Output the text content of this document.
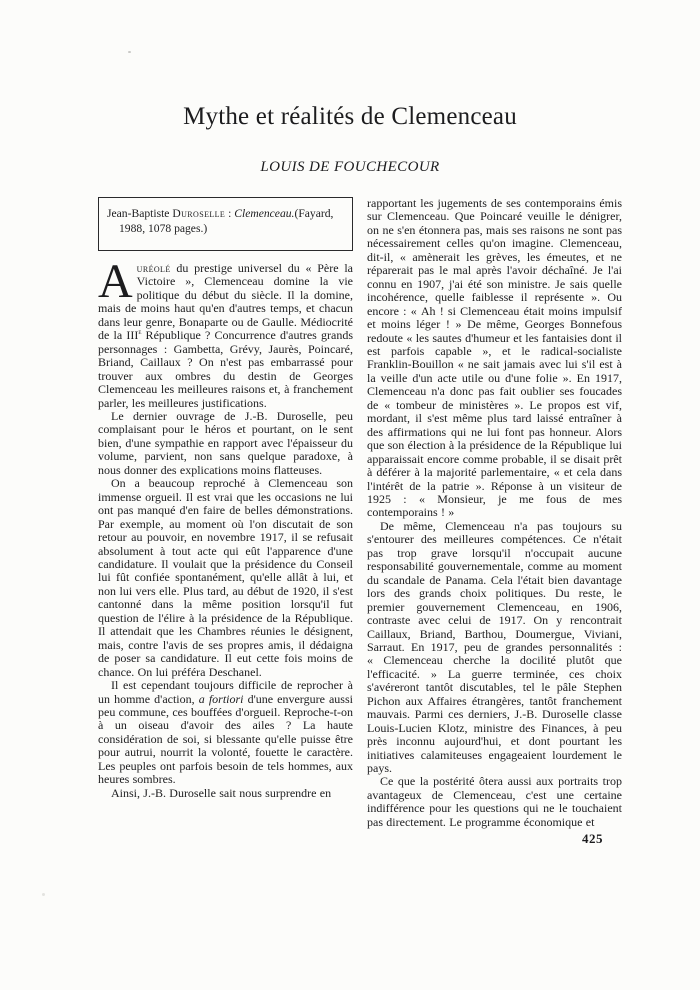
Mythe et réalités de Clemenceau
LOUIS DE FOUCHECOUR
Jean-Baptiste Duroselle : Clemenceau.(Fayard, 1988, 1078 pages.)

Auréolé du prestige universel du « Père la Victoire », Clemenceau domine la vie politique du début du siècle. Il la domine, mais de moins haut qu'en d'autres temps, et chacun dans leur genre, Bonaparte ou de Gaulle. Médiocrité de la IIIe République ? Concurrence d'autres grands personnages : Gambetta, Grévy, Jaurès, Poincaré, Briand, Caillaux ? On n'est pas embarrassé pour trouver aux ombres du destin de Georges Clemenceau les meilleures raisons et, à franchement parler, les meilleures justifications.

Le dernier ouvrage de J.-B. Duroselle, peu complaisant pour le héros et pourtant, on le sent bien, d'une sympathie en rapport avec l'épaisseur du volume, parvient, non sans quelque paradoxe, à nous donner des explications moins flatteuses.

On a beaucoup reproché à Clemenceau son immense orgueil. Il est vrai que les occasions ne lui ont pas manqué d'en faire de belles démonstrations. Par exemple, au moment où l'on discutait de son retour au pouvoir, en novembre 1917, il se refusait absolument à tout acte qui eût l'apparence d'une candidature. Il voulait que la présidence du Conseil lui fût confiée spontanément, qu'elle allât à lui, et non lui vers elle. Plus tard, au début de 1920, il s'est cantonné dans la même position lorsqu'il fut question de l'élire à la présidence de la République. Il attendait que les Chambres réunies le désignent, mais, contre l'avis de ses propres amis, il dédaigna de poser sa candidature. Il eut cette fois moins de chance. On lui préféra Deschanel.

Il est cependant toujours difficile de reprocher à un homme d'action, a fortiori d'une envergure aussi peu commune, ces bouffées d'orgueil. Reproche-t-on à un oiseau d'avoir des ailes ? La haute considération de soi, si blessante qu'elle puisse être pour autrui, nourrit la volonté, fouette le caractère. Les peuples ont parfois besoin de tels hommes, aux heures sombres.

Ainsi, J.-B. Duroselle sait nous surprendre en

rapportant les jugements de ses contemporains émis sur Clemenceau. Que Poincaré veuille le dénigrer, on ne s'en étonnera pas, mais ses raisons ne sont pas nécessairement celles qu'on imagine. Clemenceau, dit-il, « amènerait les grèves, les émeutes, et ne réparerait pas le mal après l'avoir déchaîné. Je l'ai connu en 1907, j'ai été son ministre. Je sais quelle incohérence, quelle faiblesse il représente ». Ou encore : « Ah ! si Clemenceau était moins impulsif et moins léger ! » De même, Georges Bonnefous redoute « les sautes d'humeur et les fantaisies dont il est parfois capable », et le radical-socialiste Franklin-Bouillon « ne sait jamais avec lui s'il est à la veille d'un acte utile ou d'une folie ». En 1917, Clemenceau n'a donc pas fait oublier ses foucades de « tombeur de ministères ». Le propos est vif, mordant, il s'est même plus tard laissé entraîner à des affirmations qui ne lui font pas honneur. Alors que son élection à la présidence de la République lui apparaissait encore comme probable, il se disait prêt à déférer à la majorité parlementaire, « et cela dans l'intérêt de la patrie ». Réponse à un visiteur de 1925 : « Monsieur, je me fous de mes contemporains ! »

De même, Clemenceau n'a pas toujours su s'entourer des meilleures compétences. Ce n'était pas trop grave lorsqu'il n'occupait aucune responsabilité gouvernementale, comme au moment du scandale de Panama. Cela l'était bien davantage lors des grands choix politiques. Du reste, le premier gouvernement Clemenceau, en 1906, contraste avec celui de 1917. On y rencontrait Caillaux, Briand, Barthou, Doumergue, Viviani, Sarraut. En 1917, peu de grandes personnalités : « Clemenceau cherche la docilité plutôt que l'efficacité. » La guerre terminée, ces choix s'avéreront tantôt discutables, tel le pâle Stephen Pichon aux Affaires étrangères, tantôt franchement mauvais. Parmi ces derniers, J.-B. Duroselle classe Louis-Lucien Klotz, ministre des Finances, à peu près inconnu aujourd'hui, et dont pourtant les initiatives calamiteuses engageaient lourdement le pays.

Ce que la postérité ôtera aussi aux portraits trop avantageux de Clemenceau, c'est une certaine indifférence pour les questions qui ne le touchaient pas directement. Le programme économique et

425
